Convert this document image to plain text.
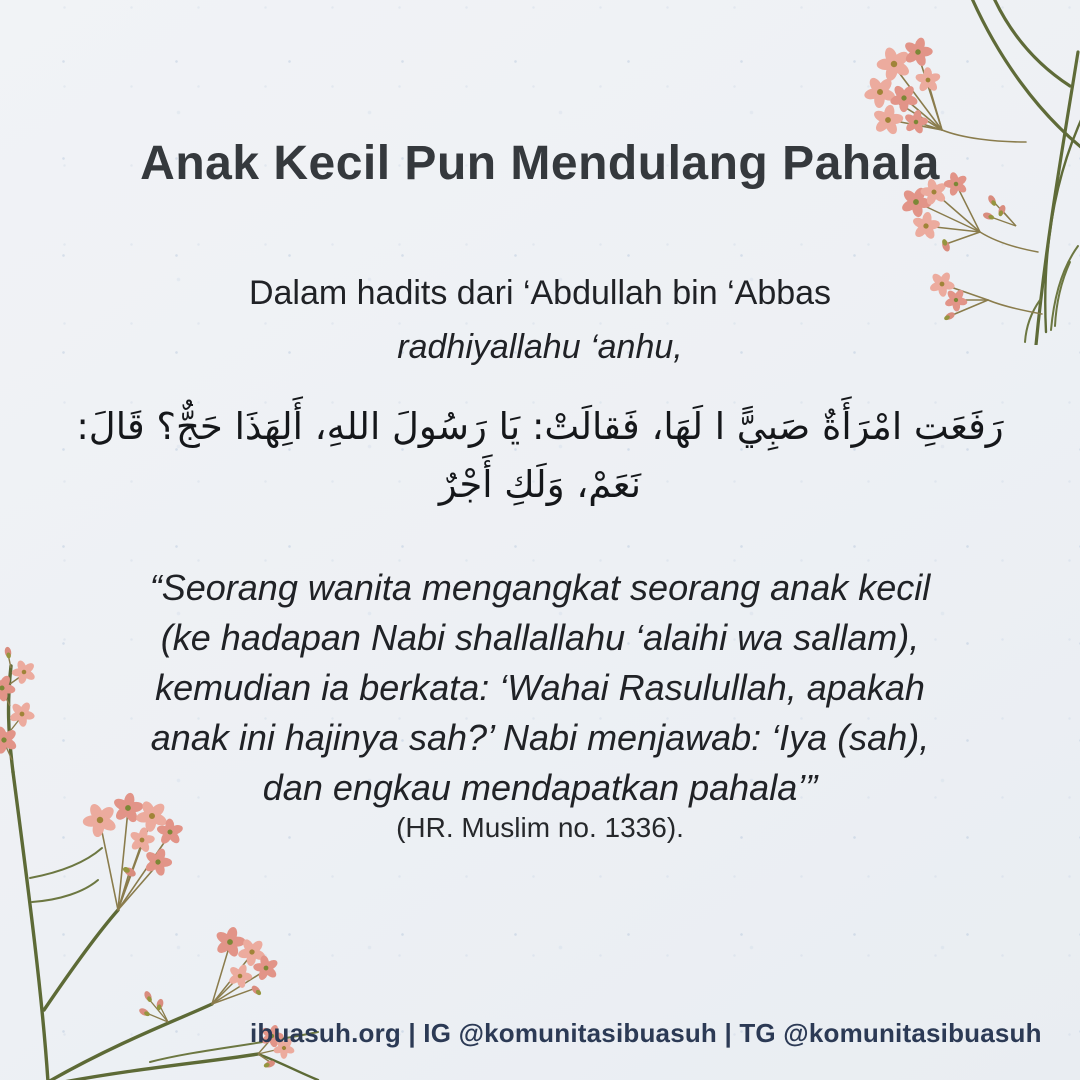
Anak Kecil Pun Mendulang Pahala
Dalam hadits dari ‘Abdullah bin ‘Abbas
radhiyallahu ‘anhu,
رَفَعَتِ امْرَأَةٌ صَبِيًّ ا لَهَا، فَقالَتْ: يَا رَسُولَ اللهِ، أَلِهَذَا حَجٌّ؟ قَالَ:
نَعَمْ، وَلَكِ أَجْرٌ
“Seorang wanita mengangkat seorang anak kecil
(ke hadapan Nabi shallallahu ‘alaihi wa sallam),
kemudian ia berkata: ‘Wahai Rasulullah, apakah
anak ini hajinya sah?’ Nabi menjawab: ‘Iya (sah),
dan engkau mendapatkan pahala’”
(HR. Muslim no. 1336).
ibuasuh.org | IG @komunitasibuasuh | TG @komunitasibuasuh
